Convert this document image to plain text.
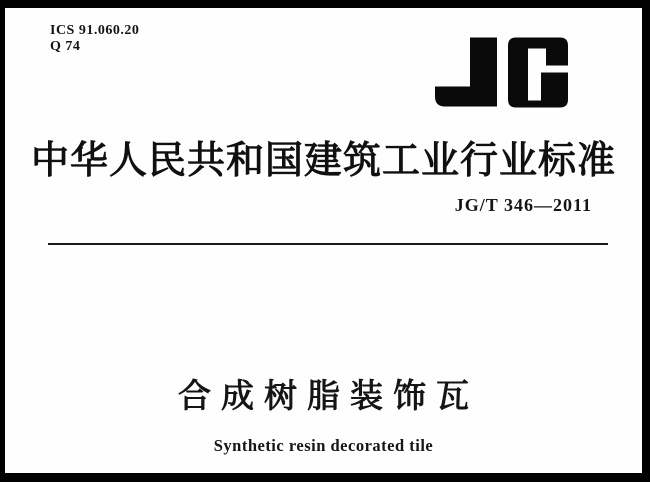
ICS 91.060.20
Q 74
中华人民共和国建筑工业行业标准
JG/T 346—2011
合成树脂装饰瓦
Synthetic resin decorated tile
